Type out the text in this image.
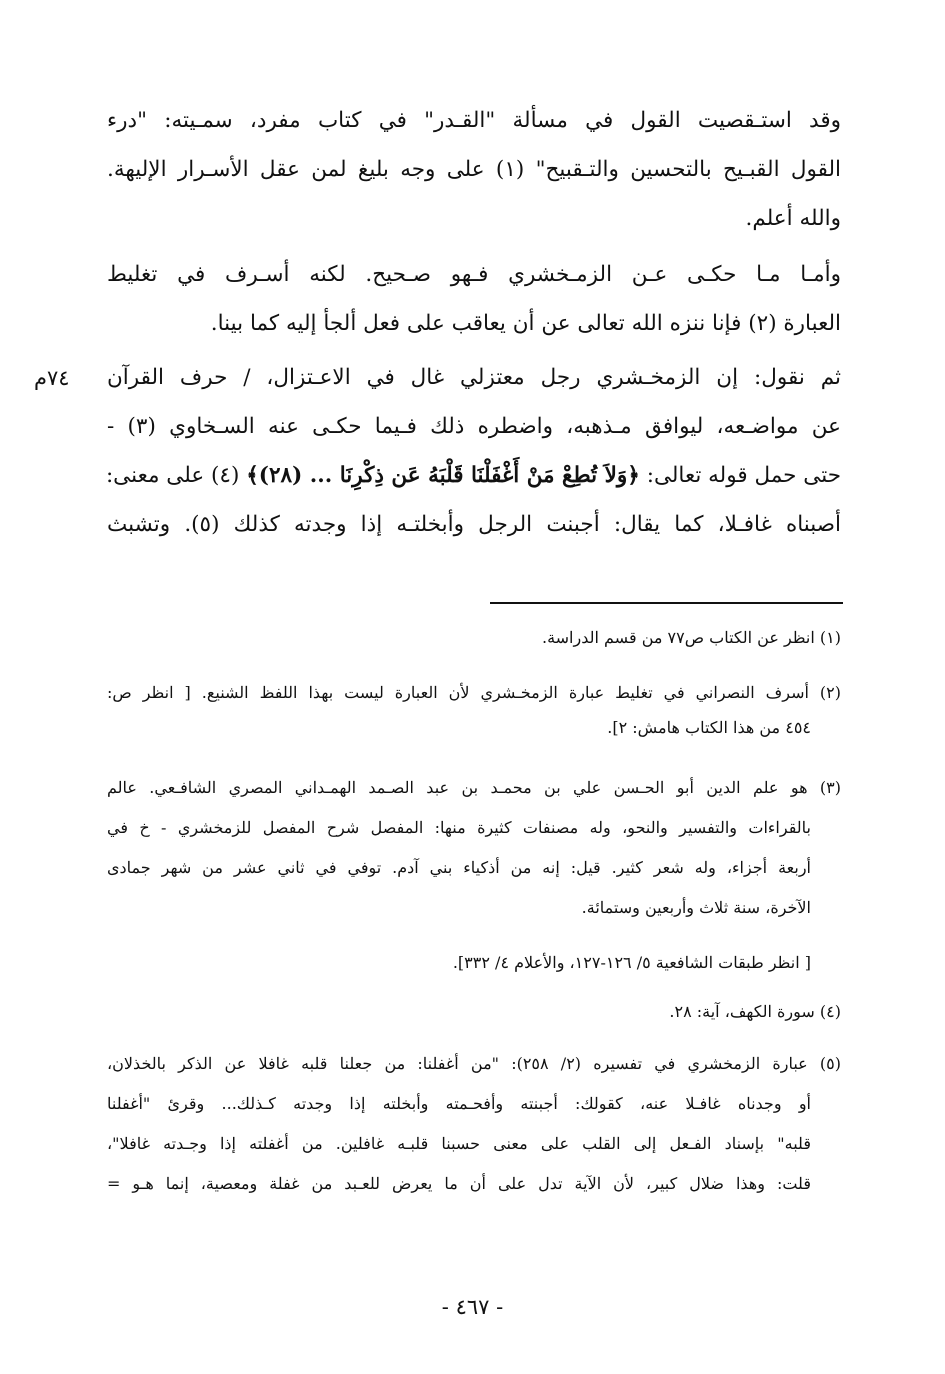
٧٤م
وقد استـقصيت القول في مسألة "القـدر" في كتاب مفرد، سمـيته: "درء
القول القبـيح بالتحسين والتـقبيح" (١) على وجه بليغ لمن عقل الأسـرار الإليهة.
والله أعلم.
وأمـا مـا حكـى عـن الزمـخشري فـهو صـحيح. لكنه أسـرف في تغليط
العبارة (٢) فإنا ننزه الله تعالى عن أن يعاقب على فعل ألجأ إليه كما بينا.
ثم نقول: إن الزمخـشري رجل معتزلي غال في الاعـتزال، / حرف القرآن
عن مواضـعه، ليوافق مـذهبه، واضطره ذلك فـيما حكـى عنه السـخاوي (٣) -
حتى حمل قوله تعالى: ﴿وَلاَ تُطِعْ مَنْ أَغْفَلْنَا قَلْبَهُ عَن ذِكْرِنَا ... (٢٨)﴾ (٤) على معنى:
أصبناه غافـلا، كما يقال: أجبنت الرجل وأبخلتـه إذا وجدته كذلك (٥). وتشبث
(١) انظر عن الكتاب ص٧٧ من قسم الدراسة.
(٢) أسرف النصراني في تغليط عبارة الزمخـشري لأن العبارة ليست بهذا اللفظ الشنيع. [ انظر ص:
٤٥٤ من هذا الكتاب هامش: ٢].
(٣) هو علم الدين أبو الحـسن علي بن محمـد بن عبد الصـمد الهمـداني المصري الشافـعي. عالم
بالقراءات والتفسير والنحو، وله مصنفات كثيرة منها: المفصل شرح المفصل للزمخشري - خ في
أربعة أجزاء، وله شعر كثير. قيل: إنه من أذكياء بني آدم. توفي في ثاني عشر من شهر جمادى
الآخرة، سنة ثلاث وأربعين وستمائة.
[ انظر طبقات الشافعية ٥/ ١٢٦-١٢٧، والأعلام ٤/ ٣٣٢].
(٤) سورة الكهف، آية: ٢٨.
(٥) عبارة الزمخشري في تفسيره (٢/ ٢٥٨): "من أغفلنا: من جعلنا قلبه غافلا عن الذكر بالخذلان،
أو وجدناه غافـلا عنه، كقولك: أجبنته وأفحـمته وأبخلته إذا وجدته كـذلك... وقرئ "أغفلنا
قلبه" بإسناد الفـعل إلى القلب على معنى حسبنا قلبـه غافلين. من أغفلته إذا وجـدته غافلا"،
قلت: وهذا ضلال كبير، لأن الآية تدل على أن ما يعرض للعـبد من غفلة ومعصية، إنما هـو =
- ٤٦٧ -
